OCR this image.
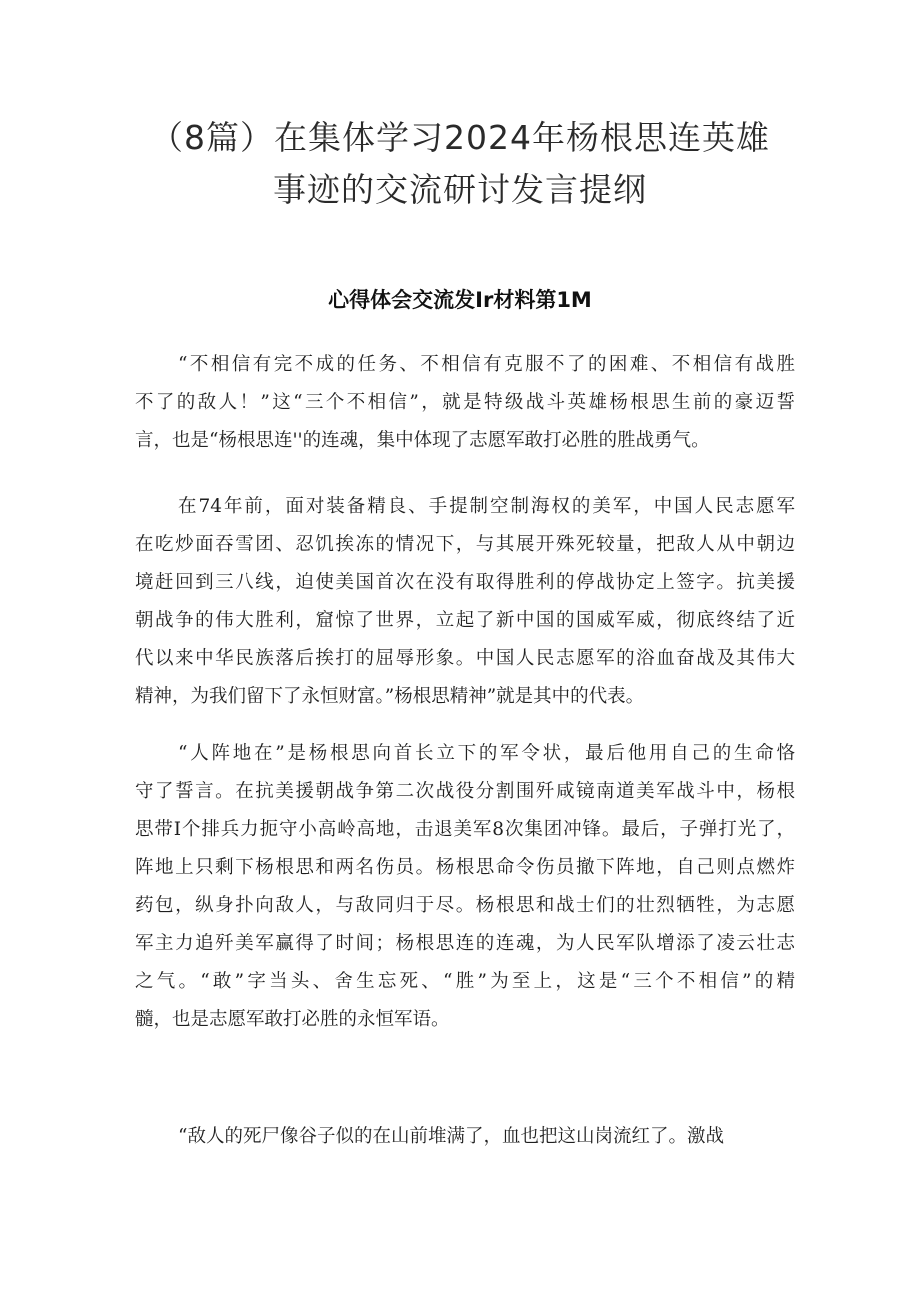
（8篇）在集体学习2024年杨根思连英雄
事迹的交流研讨发言提纲
心得体会交流发Ir材料第1M
“不相信有完不成的任务、不相信有克服不了的困难、不相信有战胜
不了的敌人！”这“三个不相信”，就是特级战斗英雄杨根思生前的豪迈誓
言，也是“杨根思连''的连魂，集中体现了志愿军敢打必胜的胜战勇气。
在74年前，面对装备精良、手提制空制海权的美军，中国人民志愿军
在吃炒面吞雪团、忍饥挨冻的情况下，与其展开殊死较量，把敌人从中朝边
境赶回到三八线，迫使美国首次在没有取得胜利的停战协定上签字。抗美援
朝战争的伟大胜利，窟惊了世界，立起了新中国的国威军威，彻底终结了近
代以来中华民族落后挨打的屈辱形象。中国人民志愿军的浴血奋战及其伟大
精神，为我们留下了永恒财富。”杨根思精神”就是其中的代表。
“人阵地在”是杨根思向首长立下的军令状，最后他用自己的生命恪
守了誓言。在抗美援朝战争第二次战役分割围歼咸镜南道美军战斗中，杨根
思带I个排兵力扼守小高岭高地，击退美军8次集团冲锋。最后，子弹打光了，
阵地上只剩下杨根思和两名伤员。杨根思命令伤员撤下阵地，自己则点燃炸
药包，纵身扑向敌人，与敌同归于尽。杨根思和战士们的壮烈牺牲，为志愿
军主力追歼美军赢得了时间；杨根思连的连魂，为人民军队增添了凌云壮志
之气。“敢”字当头、舍生忘死、“胜”为至上，这是“三个不相信”的精
髓，也是志愿军敢打必胜的永恒军语。
“敌人的死尸像谷子似的在山前堆满了，血也把这山岗流红了。激战
